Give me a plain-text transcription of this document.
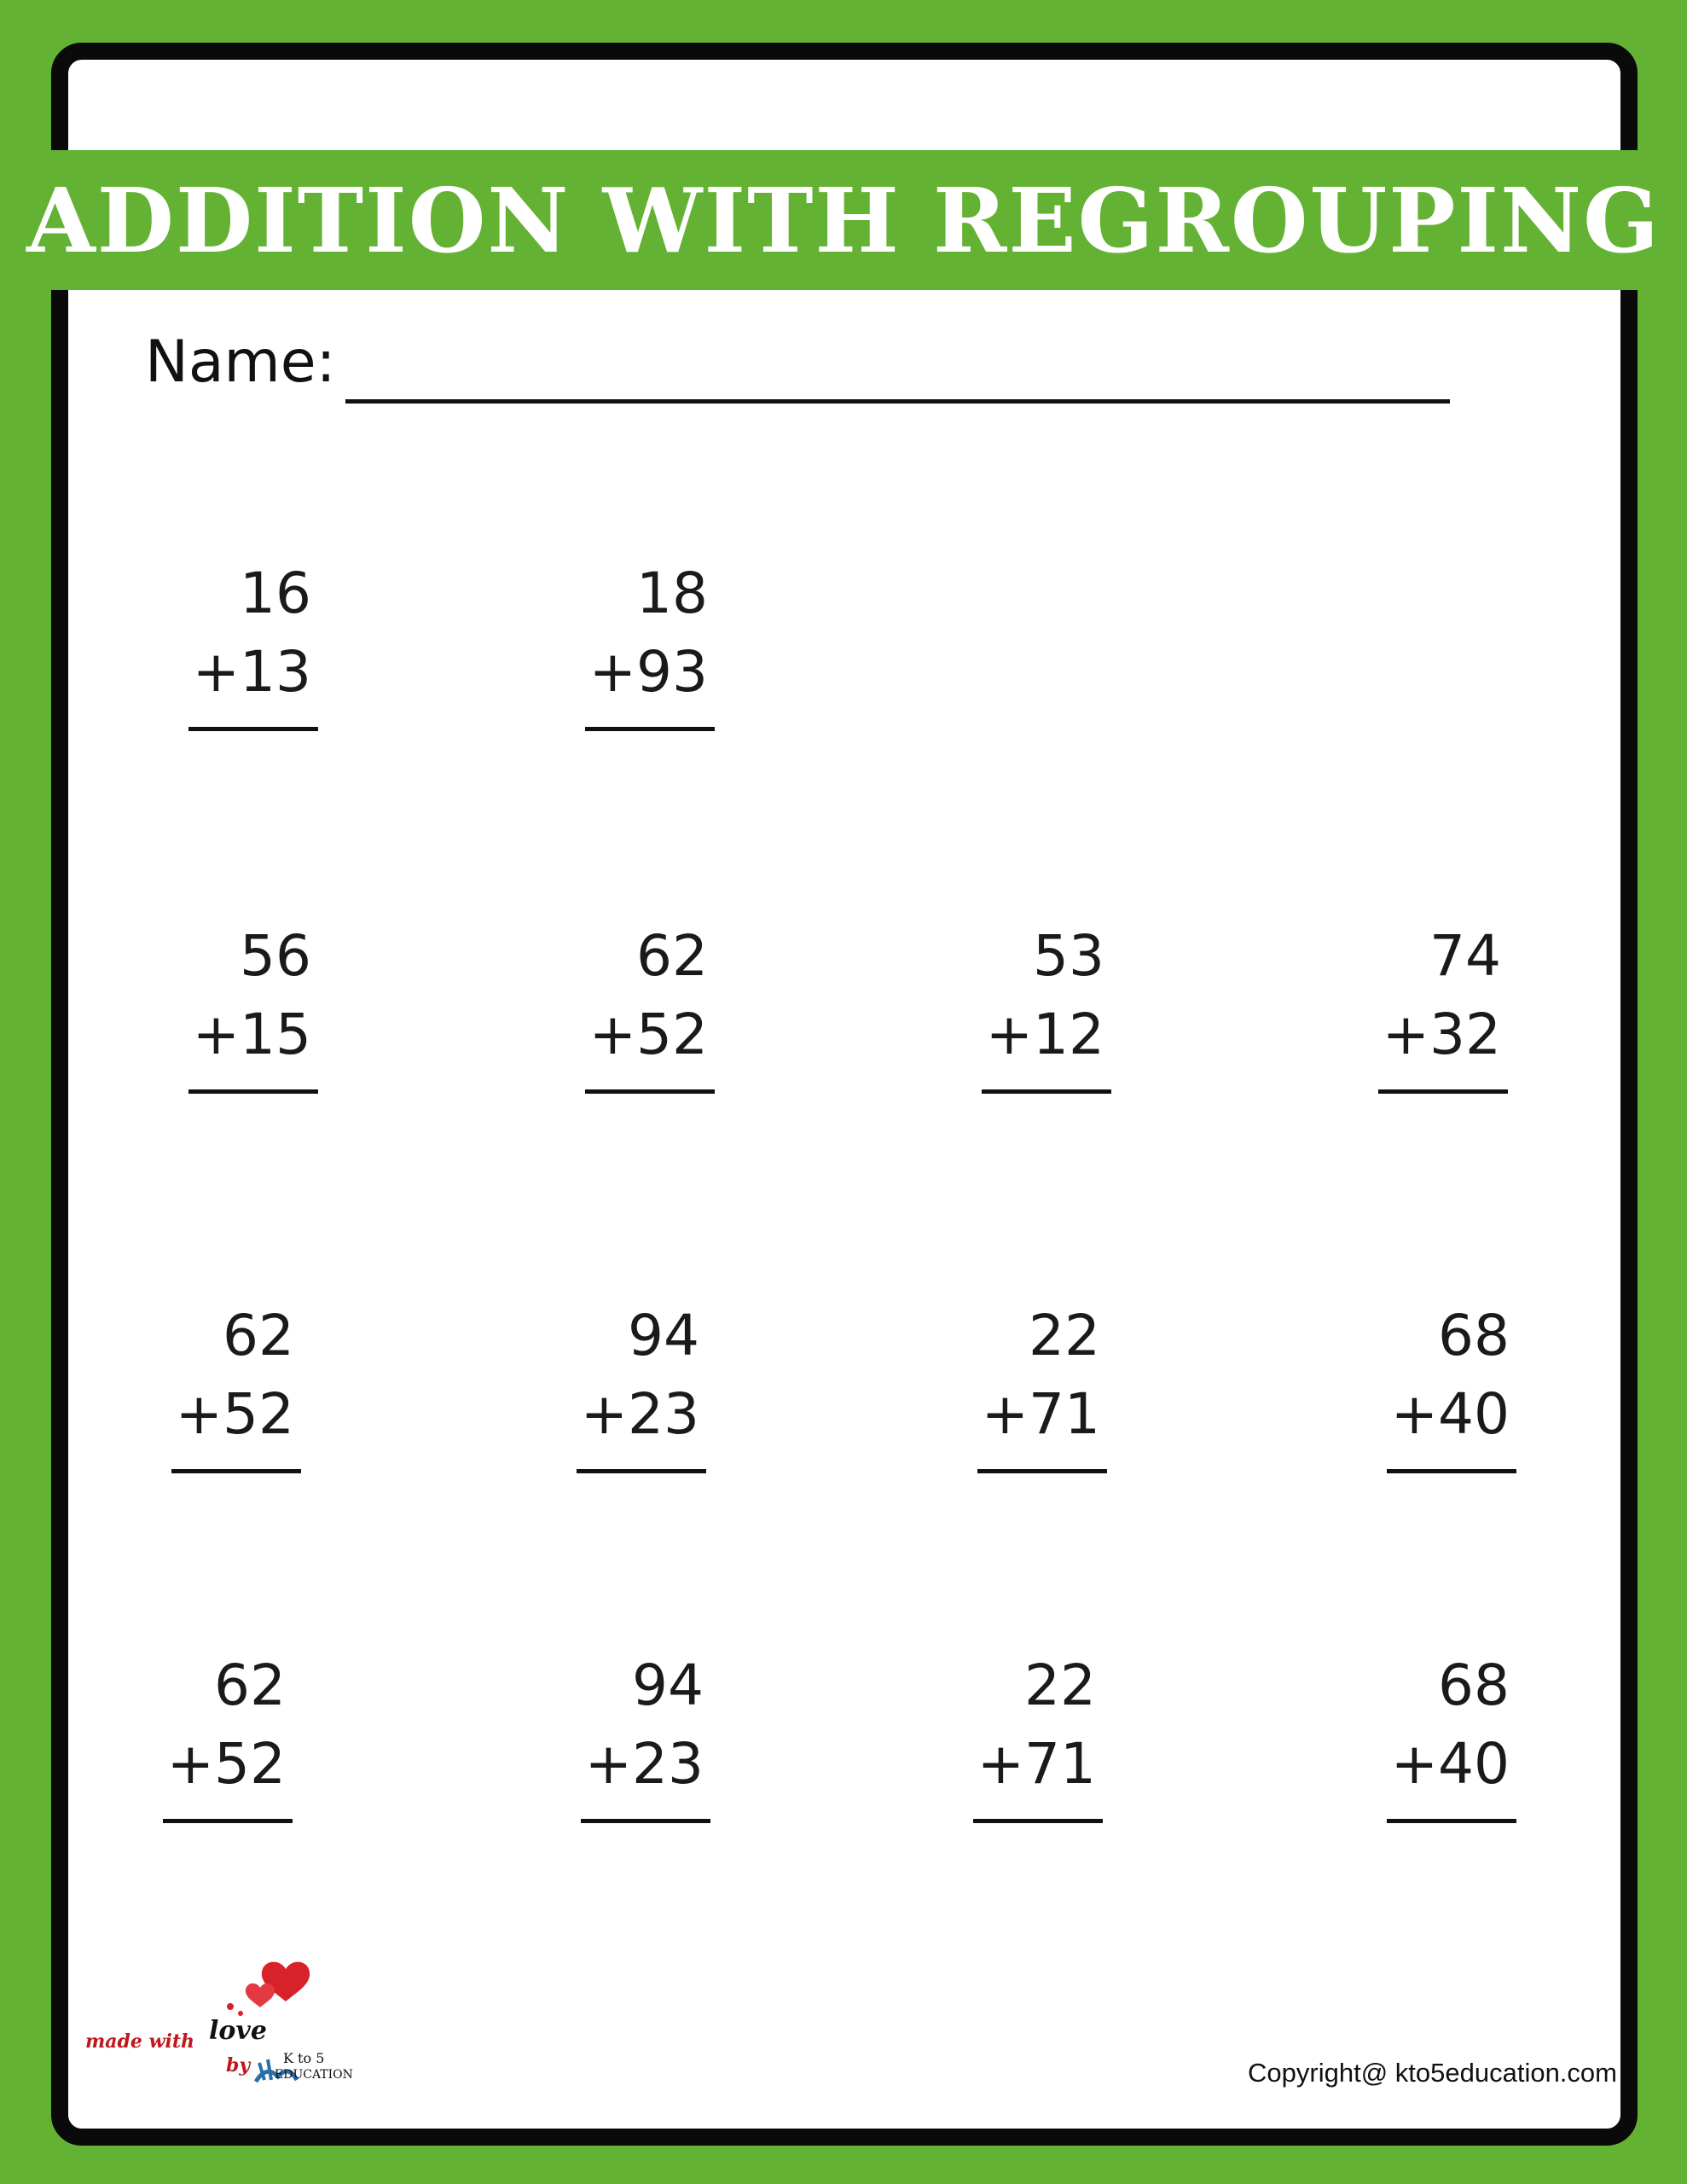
ADDITION WITH REGROUPING
Name:
16
+13
18
+93
56
+15
62
+52
53
+12
74
+32
62
+52
94
+23
22
+71
68
+40
62
+52
94
+23
22
+71
68
+40
made with love
by K to 5
EDUCATION	Copyright@ kto5education.com
